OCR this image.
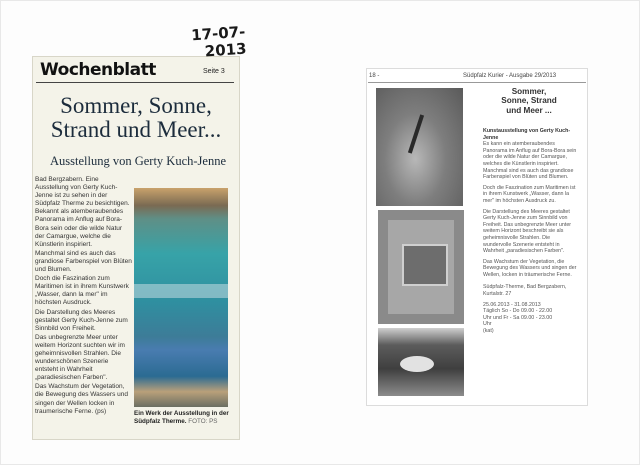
17-07-
2013
Wochenblatt	Seite 3
Sommer, Sonne,
Strand und Meer...
Ausstellung von Gerty Kuch-Jenne

Bad Bergzabern. Eine Ausstellung von Gerty Kuch-Jenne ist zu sehen in der Südpfalz Therme zu besichtigen. Bekannt als atemberaubendes Panorama im Anflug auf Bora-Bora sein oder die wilde Natur der Camargue, welche die Künstlerin inspiriert.

Manchmal sind es auch das grandiose Farbenspiel von Blüten und Blumen.

Doch die Faszination zum Maritimen ist in ihrem Kunstwerk „Wasser, dann la mer" im höchsten Ausdruck.

Die Darstellung des Meeres gestaltet Gerty Kuch-Jenne zum Sinnbild von Freiheit.

Das unbegrenzte Meer unter weitem Horizont suchten wir im geheimnisvollen Strahlen. Die wunderschönen Szenerie entsteht in Wahrheit „paradiesischen Farben".

Das Wachstum der Vegetation, die Bewegung des Wassers und singen der Wellen locken in traumerische Ferne. (ps)	Ein Werk der Ausstellung in der Südpfalz Therme. FOTO: PS
18 -	Südpfalz Kurier - Ausgabe 29/2013
Sommer,
Sonne, Strand
und Meer ...

Kunstausstellung von Gerty Kuch-Jenne

Es kann ein atemberaubendes Panorama im Anflug auf Bora-Bora sein oder die wilde Natur der Camargue, welches die Künstlerin inspiriert. Manchmal sind es auch das grandiose Farbenspiel von Blüten und Blumen.

Doch die Faszination zum Maritimen ist in ihrem Kunstwerk „Wasser, dann la mer" im höchsten Ausdruck zu.

Die Darstellung des Meeres gestaltet Gerty Kuch-Jenne zum Sinnbild von Freiheit. Das unbegrenzte Meer unter weitem Horizont beschreibt sie als geheimnisvolle Strahlen. Die wundervolle Szenerie entsteht in Wahrheit „paradiesischen Farben".

Das Wachstum der Vegetation, die Bewegung des Wassers und singen der Wellen, locken in träumerische Ferne.

Südpfalz-Therme, Bad Bergzabern, Kurtalstr. 27

25.06.2013 - 31.08.2013
Täglich So - Do 09.00 - 22.00
Uhr und Fr - Sa 09.00 - 23.00
Uhr
(kat)
